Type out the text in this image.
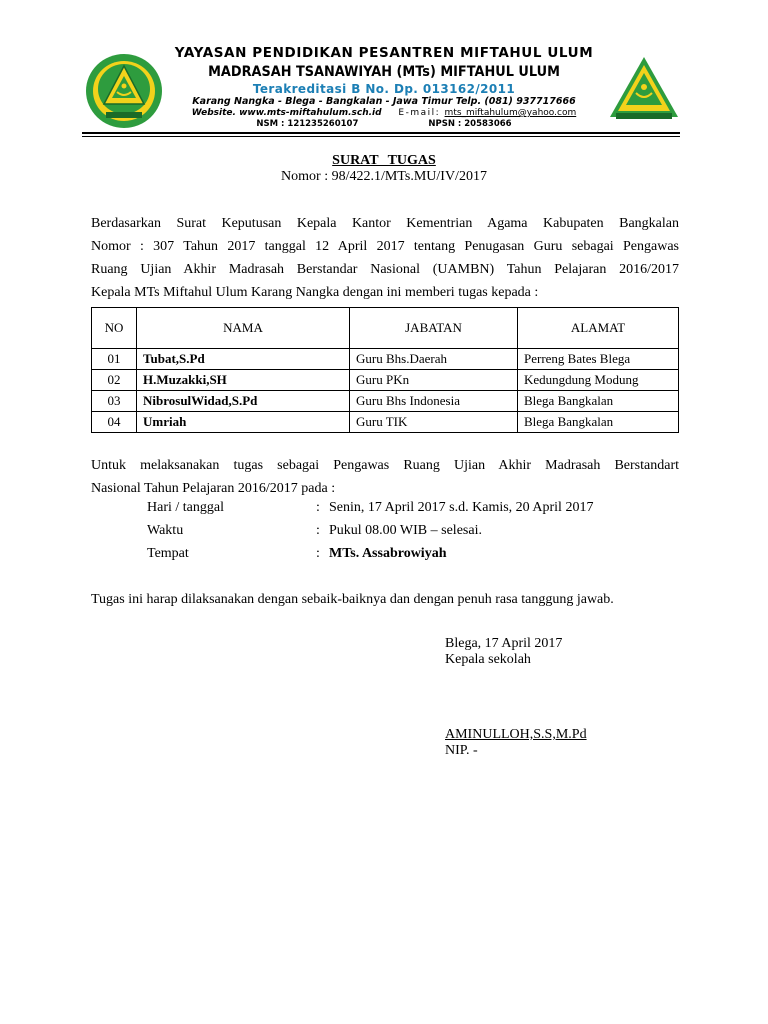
YAYASAN PENDIDIKAN PESANTREN MIFTAHUL ULUM
MADRASAH TSANAWIYAH (MTs) MIFTAHUL ULUM
Terakreditasi B No. Dp. 013162/2011
Karang Nangka - Blega - Bangkalan - Jawa Timur Telp. (081) 937717666
Website. www.mts-miftahulum.sch.id E-mail: mts_miftahulum@yahoo.com
NSM : 121235260107	NPSN : 20583066
SURAT TUGAS
Nomor : 98/422.1/MTs.MU/IV/2017
Berdasarkan Surat Keputusan Kepala Kantor Kementrian Agama Kabupaten Bangkalan
Nomor : 307 Tahun 2017 tanggal 12 April 2017 tentang Penugasan Guru sebagai Pengawas
Ruang Ujian Akhir Madrasah Berstandar Nasional (UAMBN) Tahun Pelajaran 2016/2017
Kepala MTs Miftahul Ulum Karang Nangka dengan ini memberi tugas kepada :
NO	NAMA	JABATAN	ALAMAT
01	Tubat,S.Pd	Guru Bhs.Daerah	Perreng Bates Blega
02	H.Muzakki,SH	Guru PKn	Kedungdung Modung
03	NibrosulWidad,S.Pd	Guru Bhs Indonesia	Blega Bangkalan
04	Umriah	Guru TIK	Blega Bangkalan
Untuk melaksanakan tugas sebagai Pengawas Ruang Ujian Akhir Madrasah Berstandart
Nasional Tahun Pelajaran 2016/2017 pada :
Hari / tanggal	: Senin, 17 April 2017 s.d. Kamis, 20 April 2017
Waktu	: Pukul 08.00 WIB – selesai.
Tempat	: MTs. Assabrowiyah
Tugas ini harap dilaksanakan dengan sebaik-baiknya dan dengan penuh rasa tanggung jawab.
Blega, 17 April 2017
Kepala sekolah
AMINULLOH,S.S,M.Pd
NIP. -
